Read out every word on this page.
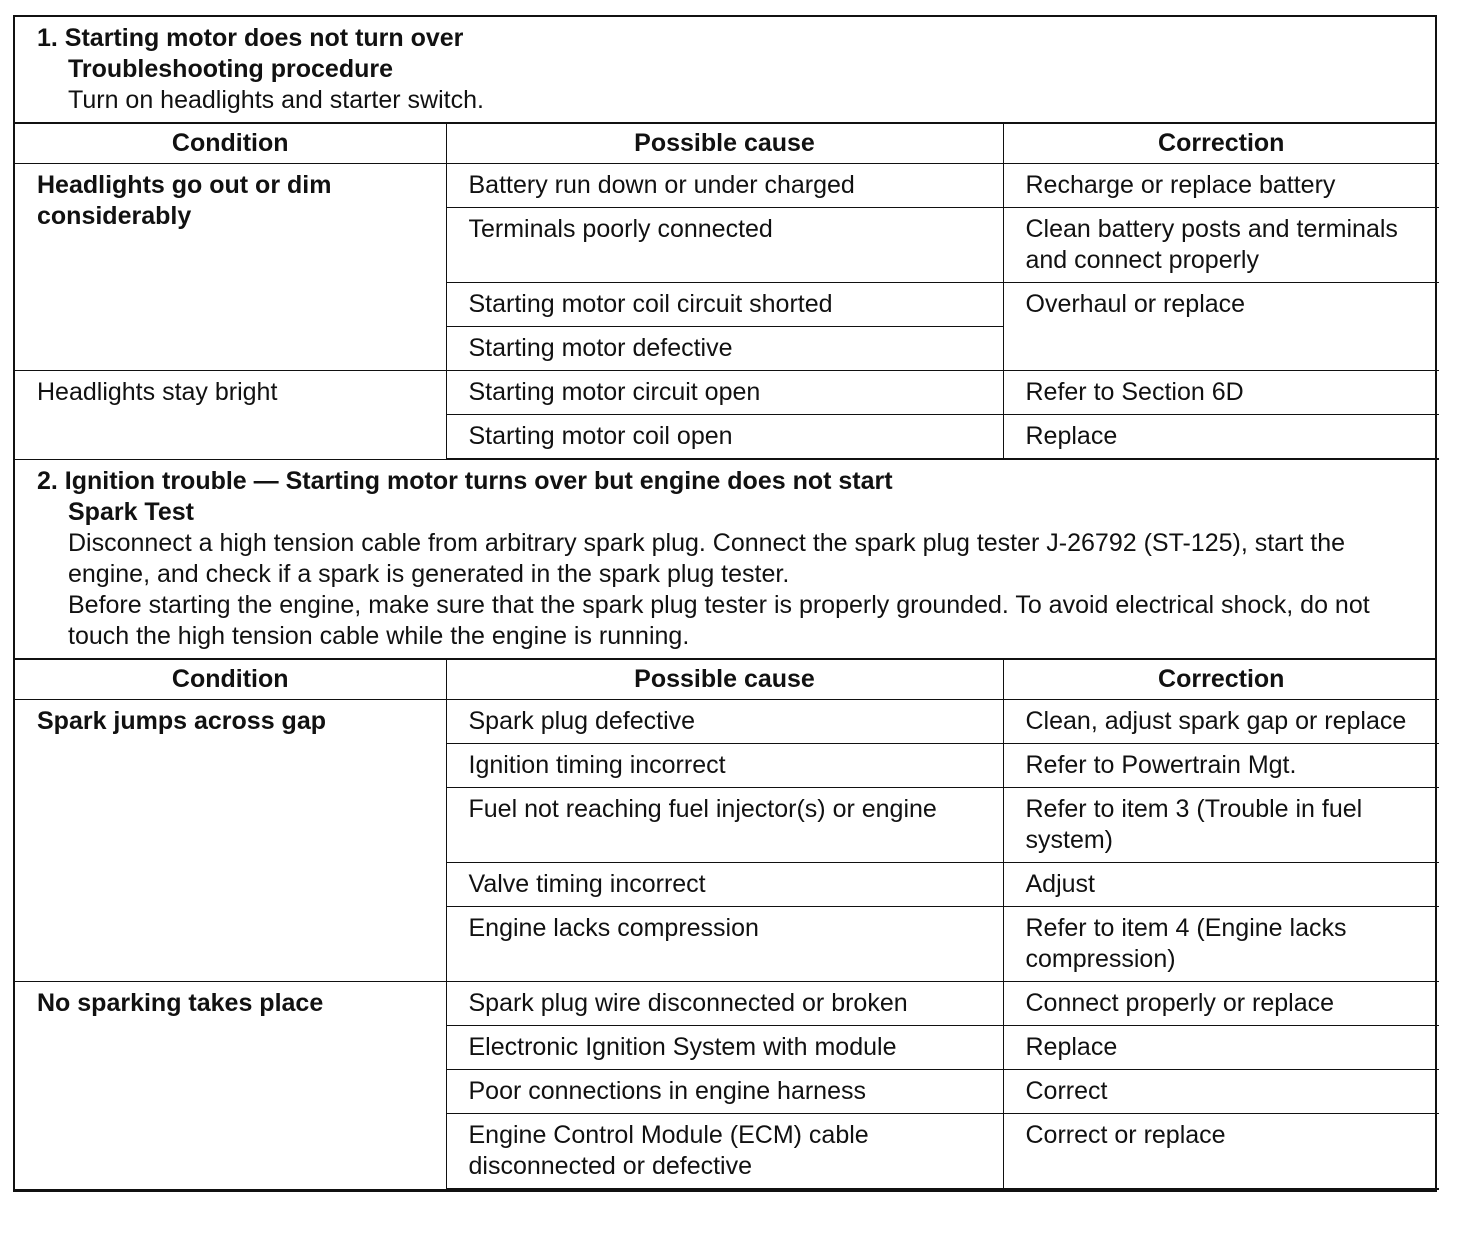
1. Starting motor does not turn over
Troubleshooting procedure
Turn on headlights and starter switch.
Condition	Possible cause	Correction
Headlights go out or dim considerably	Battery run down or under charged	Recharge or replace battery
	Terminals poorly connected	Clean battery posts and terminals and connect properly
	Starting motor coil circuit shorted	Overhaul or replace
	Starting motor defective	
Headlights stay bright	Starting motor circuit open	Refer to Section 6D
	Starting motor coil open	Replace
2. Ignition trouble — Starting motor turns over but engine does not start
Spark Test
Disconnect a high tension cable from arbitrary spark plug. Connect the spark plug tester J-26792 (ST-125), start the engine, and check if a spark is generated in the spark plug tester.
Before starting the engine, make sure that the spark plug tester is properly grounded. To avoid electrical shock, do not touch the high tension cable while the engine is running.
Condition	Possible cause	Correction
Spark jumps across gap	Spark plug defective	Clean, adjust spark gap or replace
	Ignition timing incorrect	Refer to Powertrain Mgt.
	Fuel not reaching fuel injector(s) or engine	Refer to item 3 (Trouble in fuel system)
	Valve timing incorrect	Adjust
	Engine lacks compression	Refer to item 4 (Engine lacks compression)
No sparking takes place	Spark plug wire disconnected or broken	Connect properly or replace
	Electronic Ignition System with module	Replace
	Poor connections in engine harness	Correct
	Engine Control Module (ECM) cable disconnected or defective	Correct or replace
